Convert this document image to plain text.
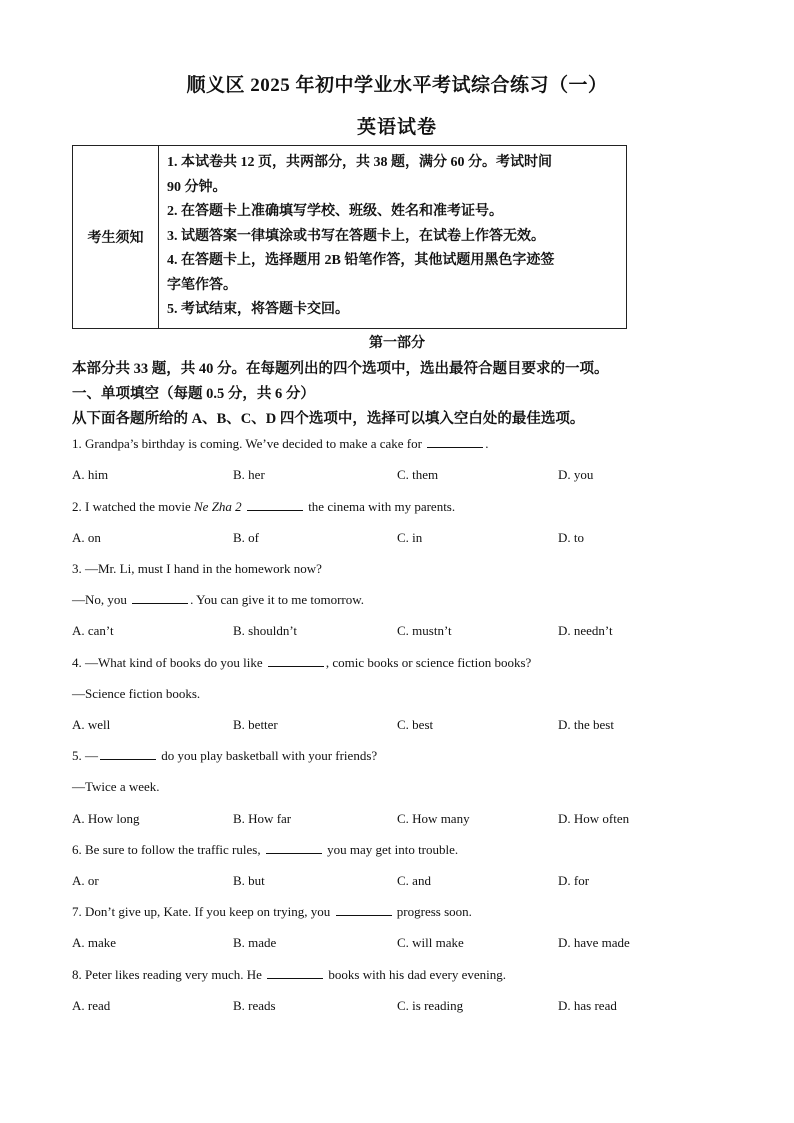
顺义区 2025 年初中学业水平考试综合练习（一）
英语试卷
考生须知	
1. 本试卷共 12 页，共两部分，共 38 题，满分 60 分。考试时间
90 分钟。
2. 在答题卡上准确填写学校、班级、姓名和准考证号。
3. 试题答案一律填涂或书写在答题卡上，在试卷上作答无效。
4. 在答题卡上，选择题用 2B 铅笔作答，其他试题用黑色字迹签
字笔作答。
5. 考试结束，将答题卡交回。
第一部分
本部分共 33 题，共 40 分。在每题列出的四个选项中，选出最符合题目要求的一项。
一、单项填空（每题 0.5 分，共 6 分）
从下面各题所给的 A、B、C、D 四个选项中，选择可以填入空白处的最佳选项。
1. Grandpa’s birthday is coming. We’ve decided to make a cake for	.
A. him	B. her	C. them	D. you
2. I watched the movie Ne Zha 2	the cinema with my parents.
A. on	B. of	C. in	D. to
3. —Mr. Li, must I hand in the homework now?
—No, you	. You can give it to me tomorrow.
A. can’t	B. shouldn’t	C. mustn’t	D. needn’t
4. —What kind of books do you like	, comic books or science fiction books?
—Science fiction books.
A. well	B. better	C. best	D. the best
5. —	do you play basketball with your friends?
—Twice a week.
A. How long	B. How far	C. How many	D. How often
6. Be sure to follow the traffic rules,	you may get into trouble.
A. or	B. but	C. and	D. for
7. Don’t give up, Kate. If you keep on trying, you	progress soon.
A. make	B. made	C. will make	D. have made
8. Peter likes reading very much. He	books with his dad every evening.
A. read	B. reads	C. is reading	D. has read
